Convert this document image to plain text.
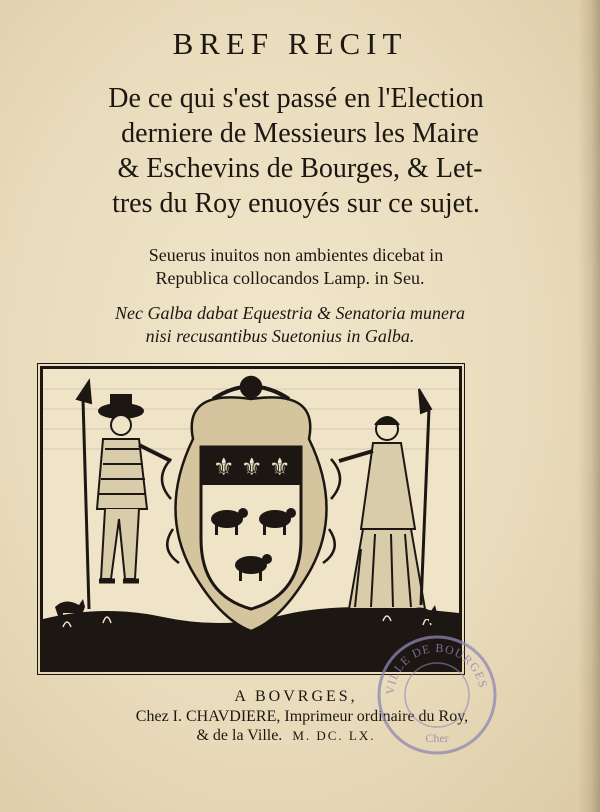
BREF RECIT
De ce qui s'est passé en l'Election
derniere de Messieurs les Maire
& Eschevins de Bourges, & Let-
tres du Roy enuoyés sur ce sujet.
Seuerus inuitos non ambientes dicebat in
Republica collocandos Lamp. in Seu.
Nec Galba dabat Equestria & Senatoria munera
nisi recusantibus Suetonius in Galba.
⚜ ⚜ ⚜
A BOVRGES,
Chez I. CHAVDIERE, Imprimeur ordinaire du Roy,
& de la Ville. M. DC. LX.
VILLE DE BOURGES
Cher
